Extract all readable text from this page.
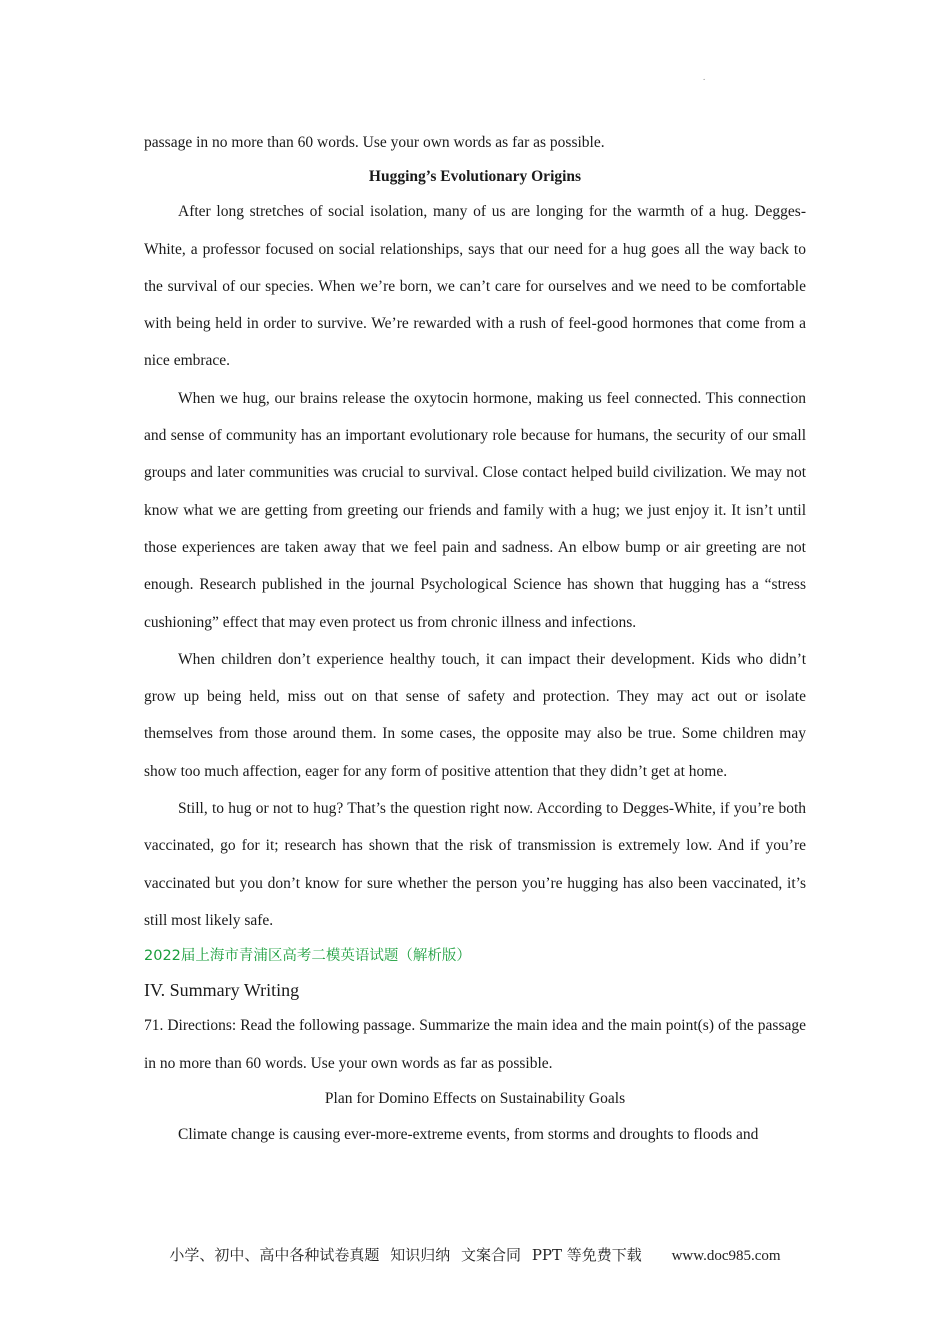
.

passage in no more than 60 words. Use your own words as far as possible.

Hugging’s Evolutionary Origins

After long stretches of social isolation, many of us are longing for the warmth of a hug. Degges-White, a professor focused on social relationships, says that our need for a hug goes all the way back to the survival of our species. When we’re born, we can’t care for ourselves and we need to be comfortable with being held in order to survive. We’re rewarded with a rush of feel-good hormones that come from a nice embrace.

When we hug, our brains release the oxytocin hormone, making us feel connected. This connection and sense of community has an important evolutionary role because for humans, the security of our small groups and later communities was crucial to survival. Close contact helped build civilization. We may not know what we are getting from greeting our friends and family with a hug; we just enjoy it. It isn’t until those experiences are taken away that we feel pain and sadness. An elbow bump or air greeting are not enough. Research published in the journal Psychological Science has shown that hugging has a “stress cushioning” effect that may even protect us from chronic illness and infections.

When children don’t experience healthy touch, it can impact their development. Kids who didn’t grow up being held, miss out on that sense of safety and protection. They may act out or isolate themselves from those around them. In some cases, the opposite may also be true. Some children may show too much affection, eager for any form of positive attention that they didn’t get at home.

Still, to hug or not to hug? That’s the question right now. According to Degges-White, if you’re both vaccinated, go for it; research has shown that the risk of transmission is extremely low. And if you’re vaccinated but you don’t know for sure whether the person you’re hugging has also been vaccinated, it’s still most likely safe.

2022届上海市青浦区高考二模英语试题（解析版）
IV. Summary Writing

71. Directions: Read the following passage. Summarize the main idea and the main point(s) of the passage in no more than 60 words. Use your own words as far as possible.

Plan for Domino Effects on Sustainability Goals

Climate change is causing ever-more-extreme events, from storms and droughts to floods and

小学、初中、高中各种试卷真题 知识归纳 文案合同 PPT 等免费下载 www.doc985.com
